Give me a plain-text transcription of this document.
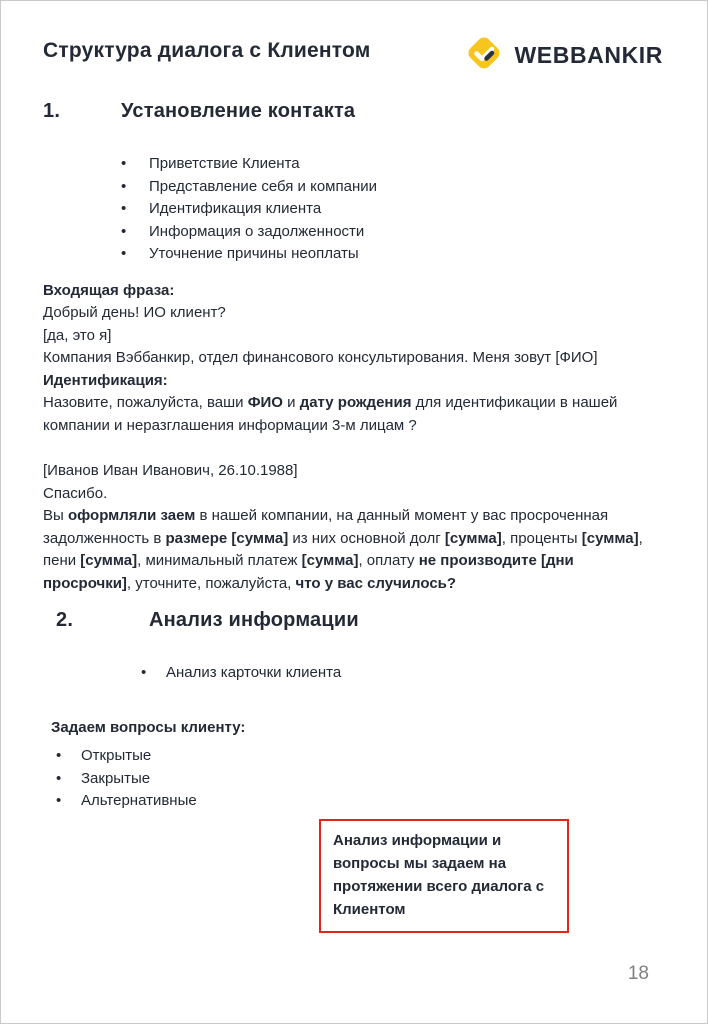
Структура диалога с Клиентом	WEBBANKIR
1.	Установление контакта
• Приветствие Клиента
• Представление себя и компании
• Идентификация клиента
• Информация о задолженности
• Уточнение причины неоплаты
Входящая фраза:
Добрый день! ИО клиент?
[да, это я]
Компания Вэббанкир, отдел финансового консультирования. Меня зовут [ФИО]
Идентификация:
Назовите, пожалуйста, ваши ФИО и дату рождения для идентификации в нашей компании и неразглашения информации 3-м лицам ?
[Иванов Иван Иванович, 26.10.1988]
Спасибо.
Вы оформляли заем в нашей компании, на данный момент у вас просроченная задолженность в размере [сумма] из них основной долг [сумма], проценты [сумма], пени [сумма], минимальный платеж [сумма], оплату не производите [дни просрочки], уточните, пожалуйста, что у вас случилось?
2.	Анализ информации
• Анализ карточки клиента
Задаем вопросы клиенту:
• Открытые
• Закрытые
• Альтернативные
Анализ информации и вопросы мы задаем на протяжении всего диалога с Клиентом
18
